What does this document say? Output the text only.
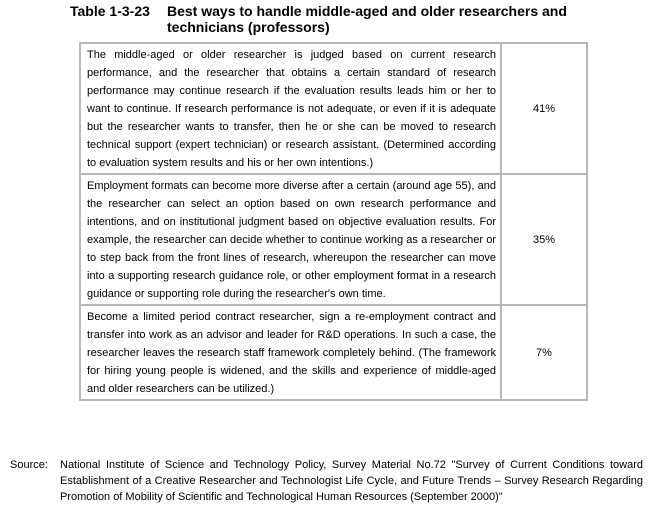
Table 1-3-23	Best ways to handle middle-aged and older researchers and technicians (professors)
The middle-aged or older researcher is judged based on current research performance, and the researcher that obtains a certain standard of research performance may continue research if the evaluation results leads him or her to want to continue. If research performance is not adequate, or even if it is adequate but the researcher wants to transfer, then he or she can be moved to research technical support (expert technician) or research assistant. (Determined according to evaluation system results and his or her own intentions.)	41%
Employment formats can become more diverse after a certain (around age 55), and the researcher can select an option based on own research performance and intentions, and on institutional judgment based on objective evaluation results. For example, the researcher can decide whether to continue working as a researcher or to step back from the front lines of research, whereupon the researcher can move into a supporting research guidance role, or other employment format in a research guidance or supporting role during the researcher's own time.	35%
Become a limited period contract researcher, sign a re-employment contract and transfer into work as an advisor and leader for R&D operations. In such a case, the researcher leaves the research staff framework completely behind. (The framework for hiring young people is widened, and the skills and experience of middle-aged and older researchers can be utilized.)	7%
Source:	National Institute of Science and Technology Policy, Survey Material No.72 "Survey of Current Conditions toward Establishment of a Creative Researcher and Technologist Life Cycle, and Future Trends – Survey Research Regarding Promotion of Mobility of Scientific and Technological Human Resources (September 2000)"
